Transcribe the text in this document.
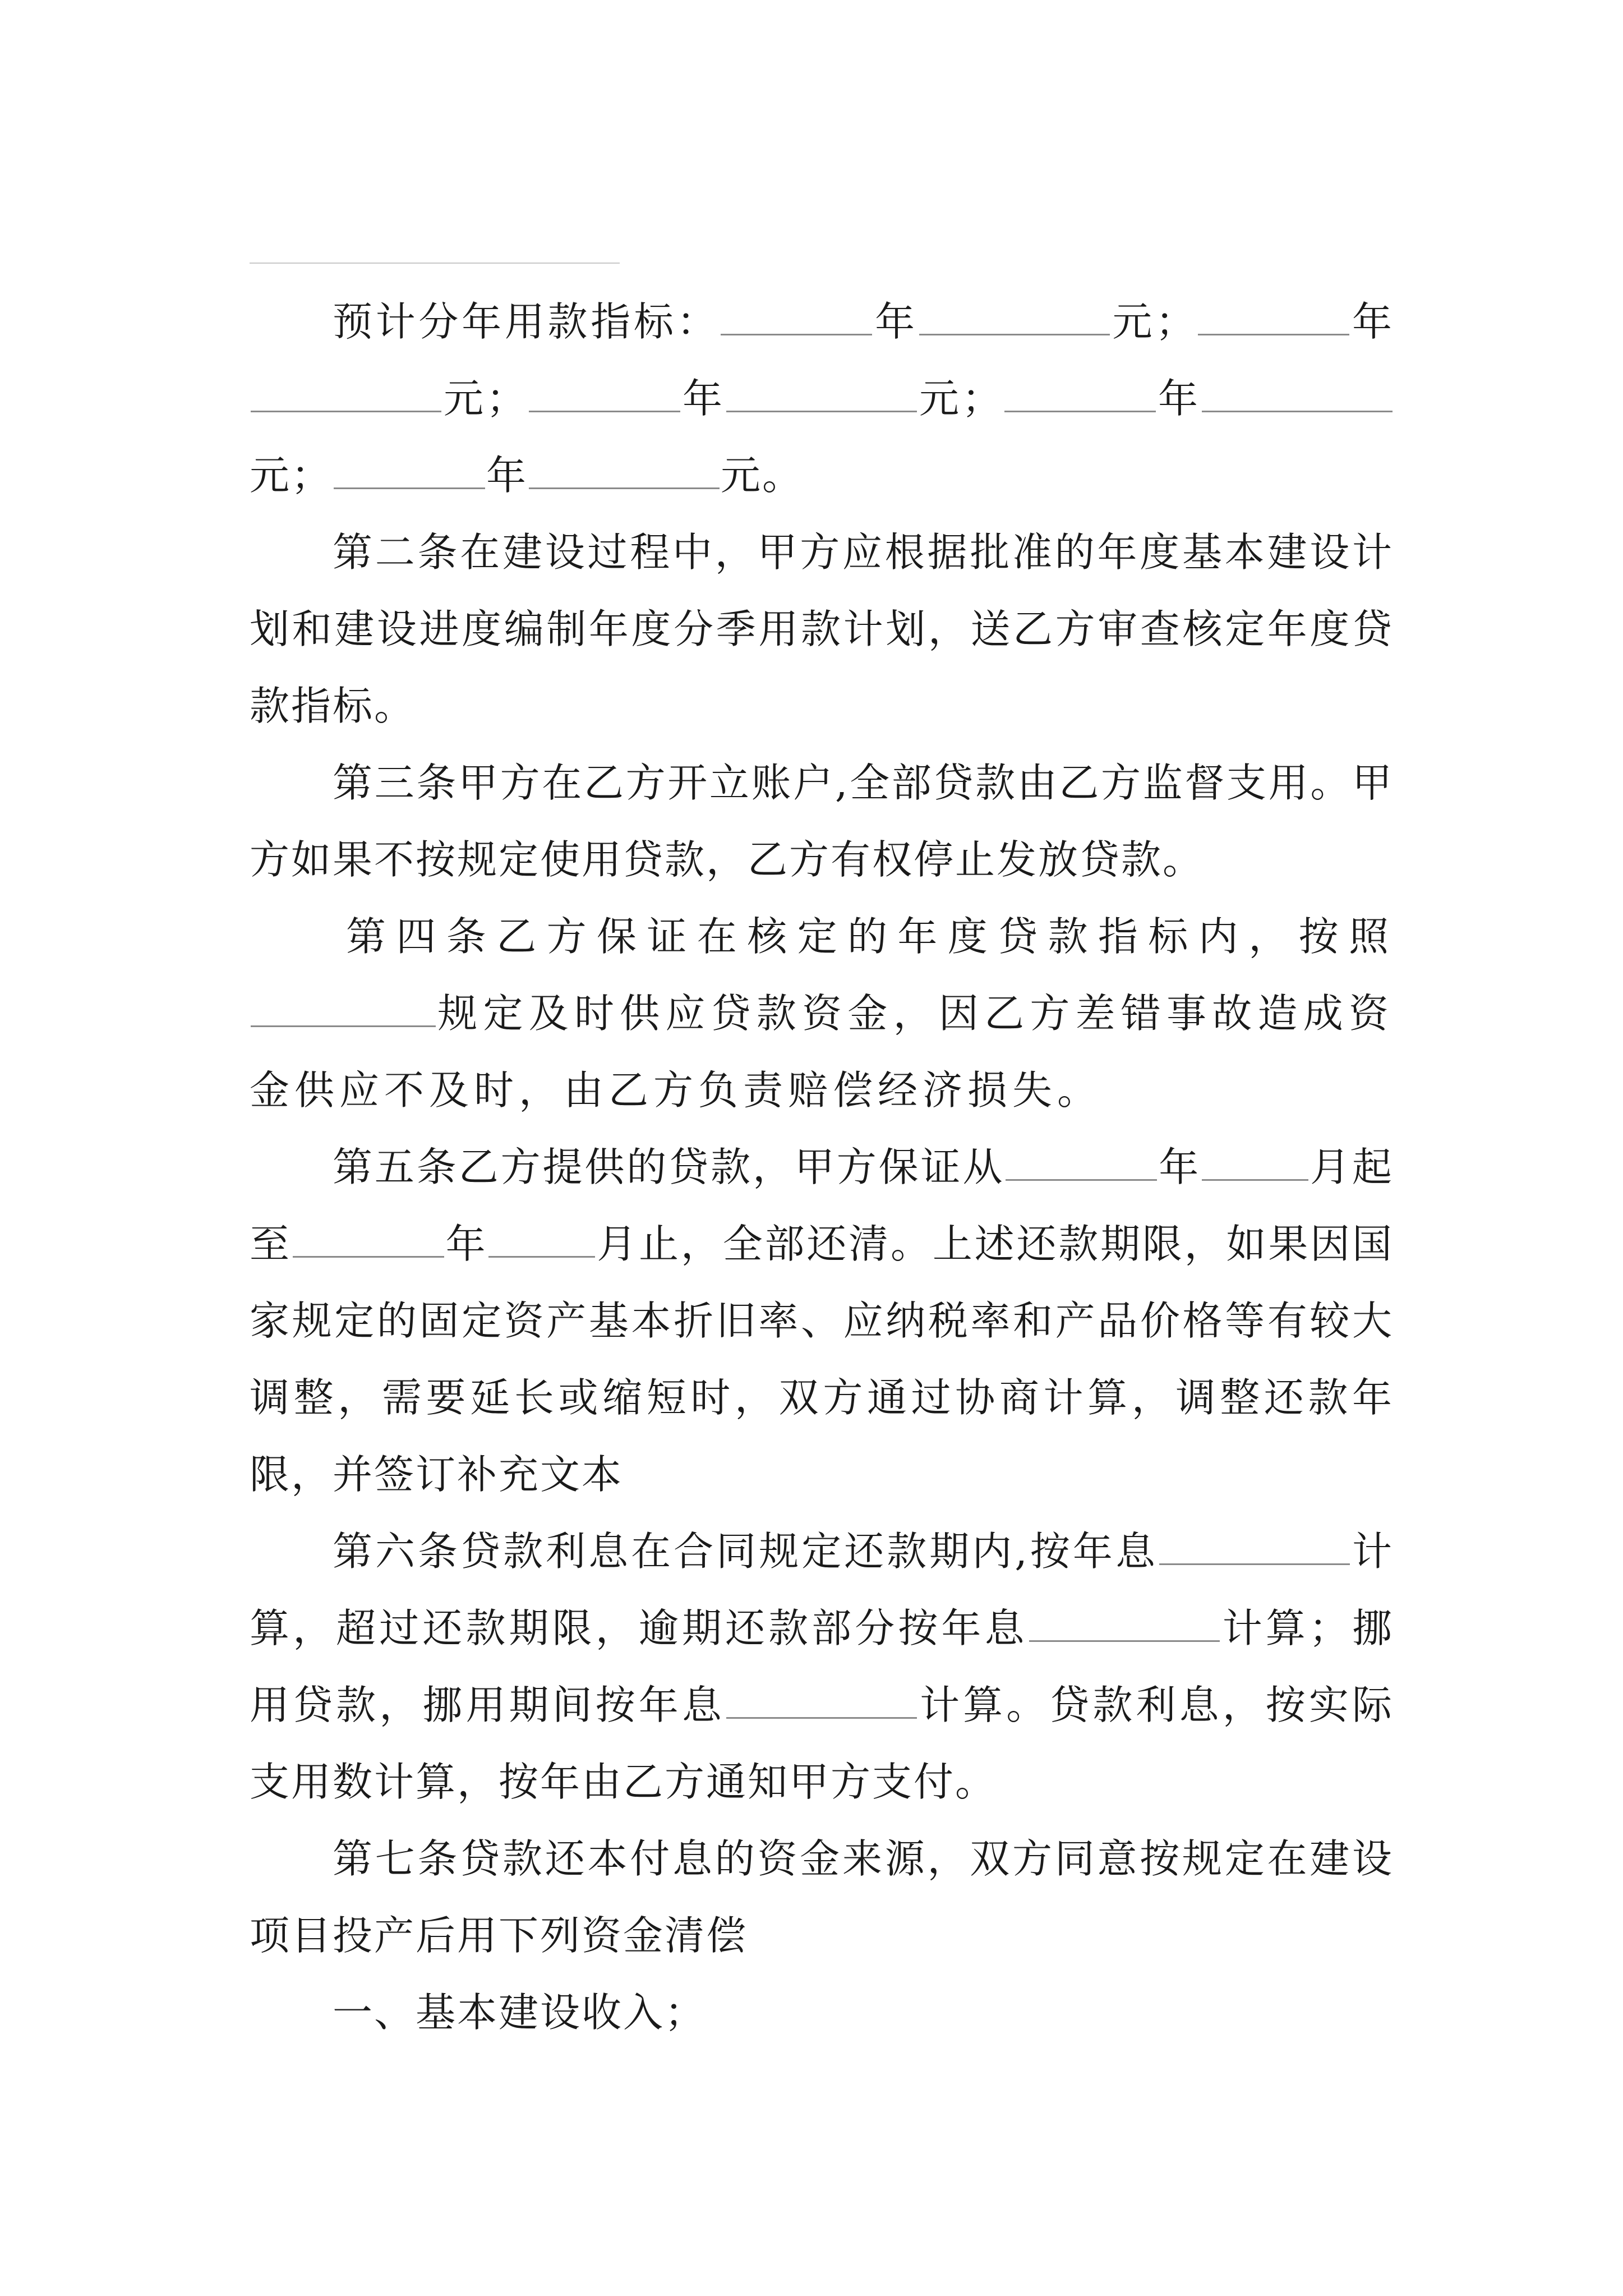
预计分年用款指标：	年	元；	年元；	年	元；	年元；	年	元。

第二条在建设过程中，甲方应根据批准的年度基本建设计划和建设进度编制年度分季用款计划，送乙方审查核定年度贷款指标。

第三条甲方在乙方开立账户,全部贷款由乙方监督支用。甲方如果不按规定使用贷款，乙方有权停止发放贷款。

第四条乙方保证在核定的年度贷款指标内，按照规定及时供应贷款资金，因乙方差错事故造成资金供应不及时，由乙方负责赔偿经济损失。

第五条乙方提供的贷款，甲方保证从	年	月起至	年	月止，全部还清。上述还款期限，如果因国家规定的固定资产基本折旧率、应纳税率和产品价格等有较大调整，需要延长或缩短时，双方通过协商计算，调整还款年限，并签订补充文本

第六条贷款利息在合同规定还款期内,按年息	计算，超过还款期限，逾期还款部分按年息	计算；挪用贷款，挪用期间按年息	计算。贷款利息，按实际支用数计算，按年由乙方通知甲方支付。

第七条贷款还本付息的资金来源，双方同意按规定在建设项目投产后用下列资金清偿

一、基本建设收入；
